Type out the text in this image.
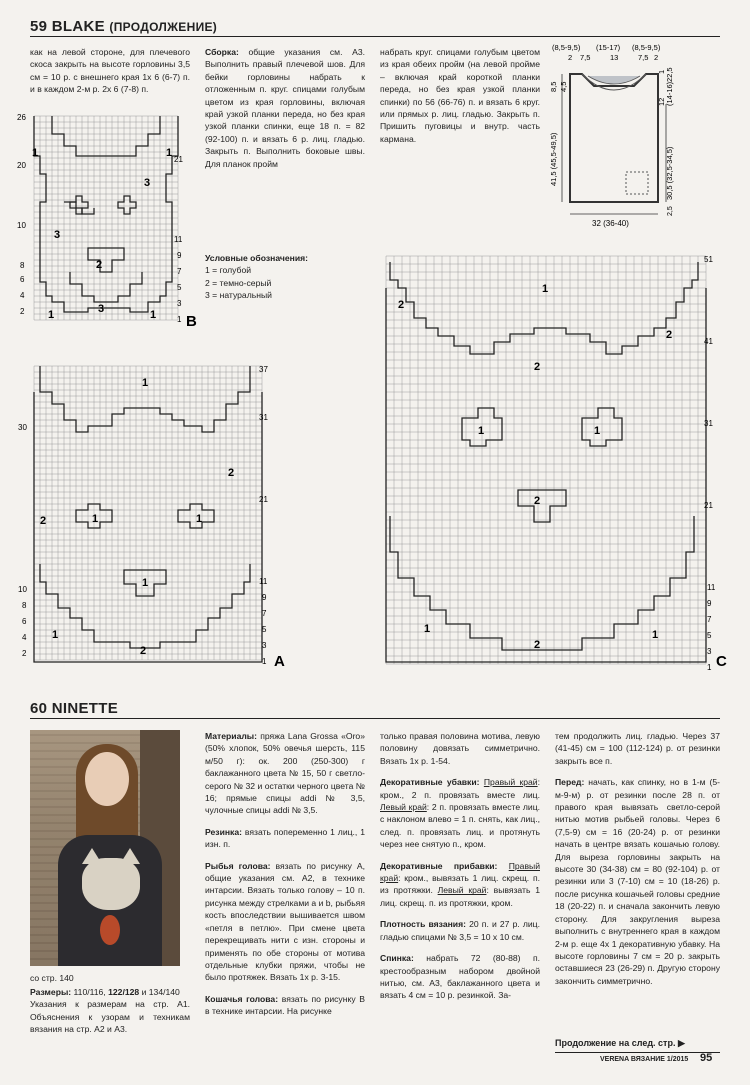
59 BLAKE (ПРОДОЛЖЕНИЕ)
как на левой стороне, для плечевого скоса закрыть на высоте горловины 3,5 см = 10 р. с внешнего края 1х 6 (6-7) п. и в каждом 2-м р. 2х 6 (7-8) п.
Сборка: общие указания см. А3. Выполнить правый плечевой шов. Для бейки горловины набрать к отложенным п. круг. спицами голубым цветом из края горловины, включая край узкой планки переда, но без края узкой планки спинки, еще 18 п. = 82 (92-100) п. и вязать 6 р. лиц. гладью. Закрыть п. Выполнить боковые швы. Для планок пройм
набрать круг. спицами голубым цветом из края обеих пройм (на левой пройме – включая край короткой планки переда, но без края узкой планки спинки) по 56 (66-76) п. и вязать 6 круг. или прямых р. лиц. гладью. Закрыть п. Пришить пуговицы и внутр. часть кармана.
Условные обозначения:
1 = голубой
2 = темно-серый
3 = натуральный
26
20
10
8
6
4
2
21
11
9
7
5
3
1
1	1
3
3
2
1	3	1 B
30
10
8
6
4
2
37
31
21
11
9
7
5
3
1
1
2
1
2	1
1
1
2
A
(8,5-9,5) (15-17) (8,5-9,5)
2 7,5	13	7,5 2
41,5 (45,5-49,5)
8,5 4,5
30,5 (32,5-34,5)
(14-16)
12
22,5
1
32 (36-40)
2,5
51
41
31
21
11
9
7
5
3
1
1
2
2
2
1	1
2
1	1
2
C
60 NINETTE
со стр. 140
Размеры: 110/116, 122/128 и 134/140
Указания к размерам на стр. А1. Объяснения к узорам и техникам вязания на стр. А2 и А3.

Материалы: пряжа Lana Grossa «Oro» (50% хлопок, 50% овечья шерсть, 115 м/50 г): ок. 200 (250-300) г баклажанного цвета № 15, 50 г светло-серого № 32 и остатки черного цвета № 16; прямые спицы addi № 3,5, чулочные спицы addi № 3,5.

Резинка: вязать попеременно 1 лиц., 1 изн. п.

Рыбья голова: вязать по рисунку А, общие указания см. А2, в технике интарсии. Вязать только голову – 10 п. рисунка между стрелками a и b, рыбьяя кость впоследствии вышивается швом «петля в петлю». При смене цвета перекрещивать нити с изн. стороны и применять по обе стороны от мотива отдельные клубки пряжи, чтобы не было протяжек. Вязать 1х р. 3-15.

Кошачья голова: вязать по рисунку В в технике интарсии. На рисунке

только правая половина мотива, левую половину довязать симметрично. Вязать 1х р. 1-54.

Декоративные убавки: Правый край: кром., 2 п. провязать вместе лиц. Левый край: 2 п. провязать вместе лиц. с наклоном влево = 1 п. снять, как лиц., след. п. провязать лиц. и протянуть через нее снятую п., кром.

Декоративные прибавки: Правый край: кром., вывязать 1 лиц. скрещ. п. из протяжки. Левый край: вывязать 1 лиц. скрещ. п. из протяжки, кром.

Плотность вязания: 20 п. и 27 р. лиц. гладью спицами № 3,5 = 10 х 10 см.

Спинка: набрать 72 (80-88) п. крестообразным набором двойной нитью, см. А3, баклажанного цвета и вязать 4 см = 10 р. резинкой. За-

тем продолжить лиц. гладью. Через 37 (41-45) см = 100 (112-124) р. от резинки закрыть все п.

Перед: начать, как спинку, но в 1-м (5-м-9-м) р. от резинки после 28 п. от правого края вывязать светло-серой нитью мотив рыбьей головы. Через 6 (7,5-9) см = 16 (20-24) р. от резинки начать в центре вязать кошачью голову. Для выреза горловины закрыть на высоте 30 (34-38) см = 80 (92-104) р. от резинки или 3 (7-10) см = 10 (18-26) р. после рисунка кошачьей головы средние 18 (20-22) п. и сначала закончить левую сторону. Для закругления выреза выполнить с внутреннего края в каждом 2-м р. еще 4х 1 декоративную убавку. На высоте горловины 7 см = 20 р. закрыть оставшиеся 23 (26-29) п. Другую сторону закончить симметрично.

Продолжение на след. стр. ▶
VERENA ВЯЗАНИЕ 1/2015 95
